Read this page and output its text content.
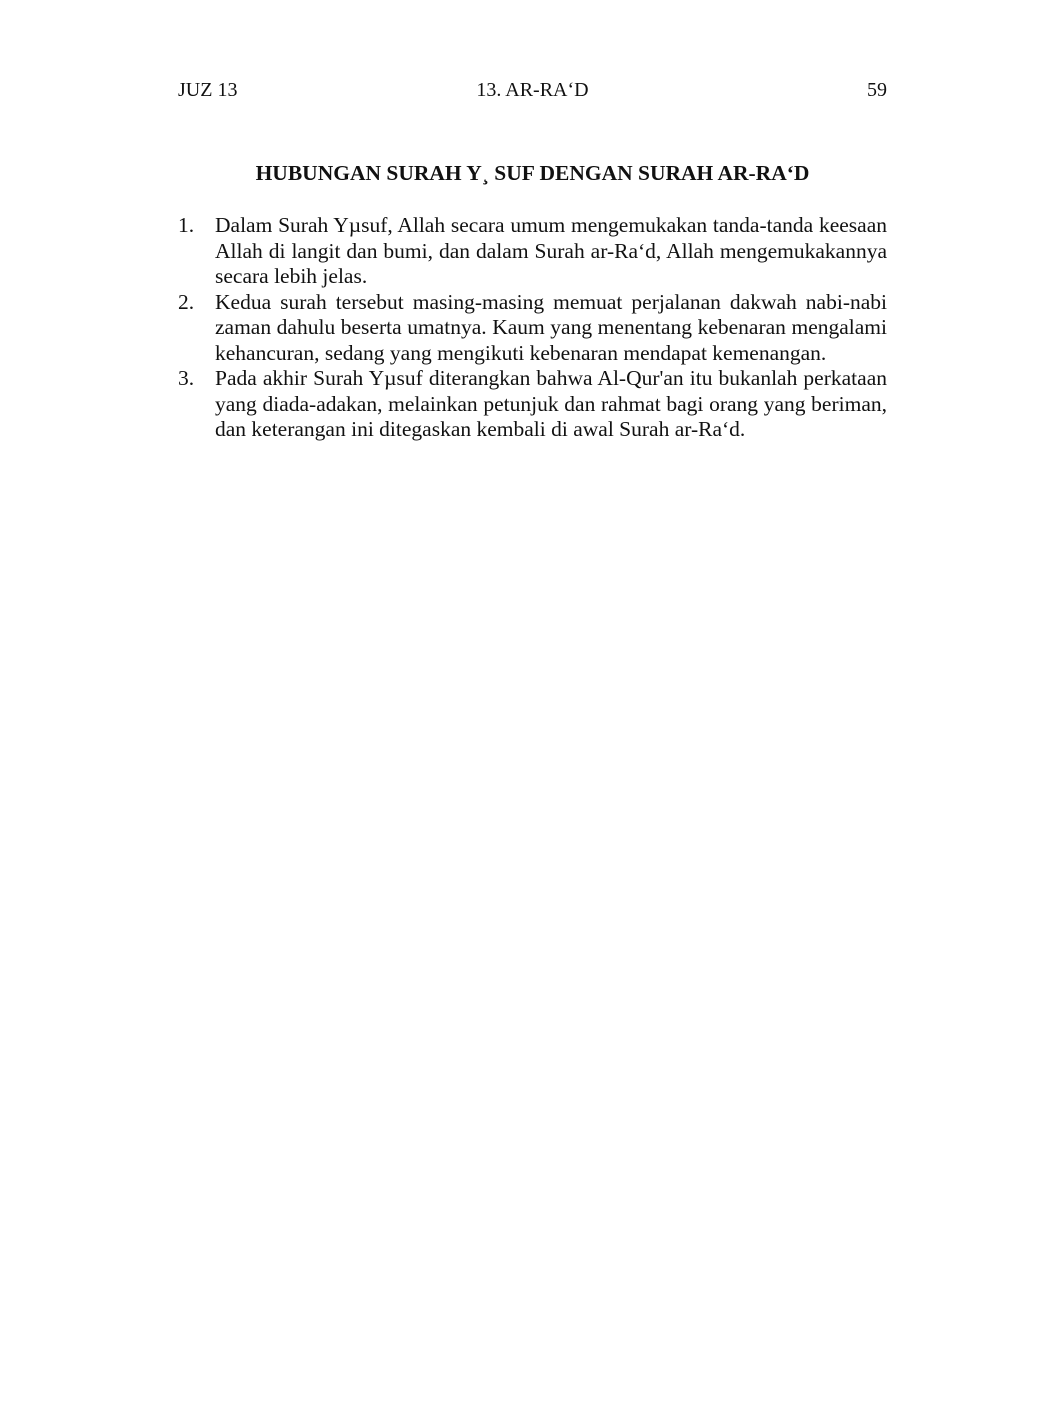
JUZ 13	13. AR-RA‘D	59
HUBUNGAN SURAH Y¸ SUF DENGAN SURAH AR-RA‘D
1. Dalam Surah Yµsuf, Allah secara umum mengemukakan tanda-tanda keesaan Allah di langit dan bumi, dan dalam Surah ar-Ra‘d, Allah mengemukakannya secara lebih jelas.
2. Kedua surah tersebut masing-masing memuat perjalanan dakwah nabi-nabi zaman dahulu beserta umatnya. Kaum yang menentang kebenaran mengalami kehancuran, sedang yang mengikuti kebenaran mendapat kemenangan.
3. Pada akhir Surah Yµsuf diterangkan bahwa Al-Qur'an itu bukanlah perkataan yang diada-adakan, melainkan petunjuk dan rahmat bagi orang yang beriman, dan keterangan ini ditegaskan kembali di awal Surah ar-Ra‘d.
